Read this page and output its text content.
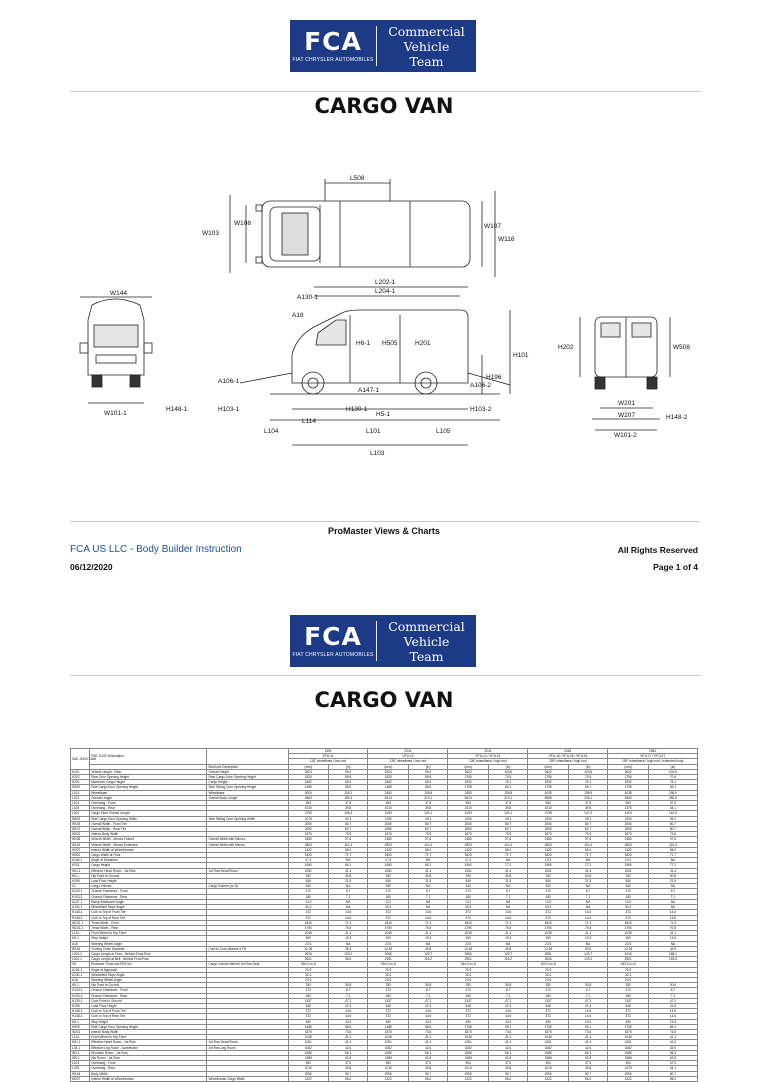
FCA
FIAT CHRYSLER AUTOMOBILES
Commercial
Vehicle
Team
CARGO VAN
L508
W108
W103
W107
W116
L202-1
L204-1
A130-1
A18
H6-1 H505	H201
H101
A106-1
A147-1
A106-2
H196
H148-1	H103-1	H130-1
H5-1
H103-2
L114
L104	L101	L105
L103
W144
W101-1
H202	W508
W201
W207
W101-2
H148-2
ProMaster Views & Charts
FCA US LLC - Body Builder Instruction	All Rights Reserved
06/12/2020	Page 1 of 4
FCA
FIAT CHRYSLER AUTOMOBILES
Commercial
Vehicle
Team
CARGO VAN
SAE J1100 Code	SAE J1100 Description		1391		2341		2241		2481		2581	
			VF1L11		VF1L12		VF1L13 / VF1L15		VF1L16 / VF1L26 / VF1L16		VF1L17 / VF1L27	
			118" wheelbase / low roof		136" wheelbase / low roof		136" wheelbase / high roof		159" wheelbase / high roof		159" wheelbase / high roof / extended body	
		Brochure Description	(mm)	(in)	(mm)	(in)	(mm)	(in)	(mm)	(in)	(mm)	(in)
H101	Vehicle Height - Rear	Overall Height	2524	99.4	2524	99.4	2632	103.6	2632	103.6	2632	103.6
H202	Rear Door Opening Height	Rear Cargo Door Opening Height	1520	59.8	1520	59.8	1790	70.5	1790	70.5	1790	70.5
H201	Maximum Cargo Height	Cargo Height	1662	65.4	1662	65.4	1932	76.1	1932	76.1	1932	76.1
H505	Side Cargo Door Opening Height	Side Sliding Door Opening Height	1485	58.5	1485	58.5	1755	69.1	1755	69.1	1755	69.1
L101	Wheelbase	Wheelbase	3000	118.1	3450	135.8	3450	135.8	4035	158.9	4035	158.9
L103	Overall Length	Overall Body Length	4963	195.4	5413	213.1	5413	213.1	5998	236.1	6363	250.5
L104	Overhang - Front		953	37.5	953	37.5	953	37.5	953	37.5	953	37.5
L105	Overhang - Rear		1010	39.8	1010	39.8	1010	39.8	1010	39.8	1375	54.1
L202	Cargo Floor Overall Length		2703	106.4	3153	124.1	3153	124.1	3738	147.2	4103	161.5
W502	Side Cargo Door Opening Width	Side Sliding Door Opening Width	1075	42.3	1250	49.2	1250	49.2	1250	49.2	1250	49.2
W103	Overall Width - Front Tire		2050	80.7	2050	80.7	2050	80.7	2050	80.7	2050	80.7
W107	Overall Width - Rear Tire		2050	80.7	2050	80.7	2050	80.7	2050	80.7	2050	80.7
W201	Interior Body Width		1870	73.6	1870	73.6	1870	73.6	1870	73.6	1870	73.6
W108	Vehicle Width - Mirrors Folded	Overall Width with Mirrors	2480	97.6	2480	97.6	2480	97.6	2480	97.6	2480	97.6
W116	Vehicle Width - Mirrors Extended	Overall Width with Mirrors	2803	110.4	2803	110.4	2803	110.4	2803	110.4	2803	110.4
W207	Interior Width at Wheelhouses		1422	56.0	1422	56.0	1422	56.0	1422	56.0	1422	56.0
W502	Cargo Width at Floor		1820	71.7	1820	71.7	1820	71.7	1820	71.7	1820	71.7
A106-1	Angle of Departure		17.4	NA	17.4	NA	17.4	NA	15.3	NA	13.2	NA
H201	Cargo Height		1680	66.1	1680	66.1	1960	77.2	1960	77.2	1960	77.2
H61-1	Effective Head Room - 1st Row	1st Row Head Room	1051	41.4	1051	41.4	1051	41.4	1051	41.4	1051	41.4
H5-1	Hip Point to Ground		782	30.8	782	30.8	782	30.8	782	30.8	782	30.8
H196	Load Floor Height		545	21.5	545	21.5	545	21.5	545	21.5	545	21.5
V1	Cargo Volume	Cargo Volume (cu ft)	260	NA	290	NA	344	NA	403	NA	463	NA
H103-1	Ground Clearance - Front		170	6.7	170	6.7	170	6.7	170	6.7	170	6.7
H103-2	Ground Clearance - Rear		180	7.1	180	7.1	180	7.1	180	7.1	180	7.1
A147-1	Ramp Breakover Angle		13.9	NA	12.2	NA	12.2	NA	10.5	NA	10.5	NA
A130-1	Windshield Slope Angle		30.3	NA	30.3	NA	30.3	NA	30.3	NA	30.3	NA
H148-1	Curb to Top of Front Tire		372	14.6	372	14.6	372	14.6	372	14.6	372	14.6
H148-2	Curb to Top of Rear Tire		372	14.6	372	14.6	372	14.6	372	14.6	372	14.6
W101-1	Tread Width - Front		1810	71.3	1810	71.3	1810	71.3	1810	71.3	1810	71.3
W101-2	Tread Width - Rear		1790	70.5	1790	70.5	1790	70.5	1790	70.5	1790	70.5
L114	Front Wheel to Hip Point		1045	41.1	1045	41.1	1045	41.1	1045	41.1	1045	41.1
H6-1	Step Height		490	19.3	490	19.3	490	19.3	490	19.3	490	19.3
A18	Steering Wheel Angle		23.5	NA	23.5	NA	23.5	NA	23.5	NA	23.5	NA
W144	Turning Circle Diameter	Curb to Curb (Meters & Ft)	11.06	36.3	12.45	40.8	12.45	40.8	13.26	43.5	13.26	43.5
L204-1	Cargo Length at Floor - Behind Front Row		2616	103.0	3066	120.7	3066	120.7	3651	143.7	4016	158.1
L202-1	Cargo Length at Belt - Behind Front Row		2501	98.5	2951	116.2	2951	116.2	3536	139.2	3901	153.6
V6	Enclosed Trunk and EPA Vol	Cargo Volume Behind 1st Row Seat	260.0 cu ft		290.0 cu ft		344.0 cu ft		403.0 cu ft		463.0 cu ft	
A106-1	Angle of Approach		23.9		23.9		23.9		23.9		23.9	
A130-1	Windshield Slope Angle		30.3		30.3		30.3		30.3		30.3	
A18	Steering Wheel Angle		23.5		23.5		23.5		23.5		23.5	
H5-1	Hip Point to Ground		782	30.8	782	30.8	782	30.8	782	30.8	782	30.8
H103-1	Ground Clearance - Front		170	6.7	170	6.7	170	6.7	170	6.7	170	6.7
H103-2	Ground Clearance - Rear		180	7.1	180	7.1	180	7.1	180	7.1	180	7.1
H130-1	Cowl Point to Ground		1197	47.1	1197	47.1	1197	47.1	1197	47.1	1197	47.1
H196	Load Floor Height		545	21.5	545	21.5	545	21.5	545	21.5	545	21.5
H148-1	Curb to Top of Front Tire		372	14.6	372	14.6	372	14.6	372	14.6	372	14.6
H148-2	Curb to Top of Rear Tire		372	14.6	372	14.6	372	14.6	372	14.6	372	14.6
H6-1	Step Height		490	19.3	490	19.3	490	19.3	490	19.3	490	19.3
H505	Side Cargo Door Opening Height		1485	58.5	1485	58.5	1755	69.1	1755	69.1	1755	69.1
W201	Interior Body Width		1870	73.6	1870	73.6	1870	73.6	1870	73.6	1870	73.6
L114	Front Wheel to Hip Point		1045	41.1	1045	41.1	1045	41.1	1045	41.1	1045	41.1
H61-1	Effective Head Room - 1st Row	1st Row Head Room	1051	41.4	1051	41.4	1051	41.4	1051	41.4	1051	41.4
L34-1	Effective Leg Room - Accelerator	1st Row Leg Room	1082	42.6	1082	42.6	1082	42.6	1082	42.6	1082	42.6
W3-1	Shoulder Room - 1st Row		1685	66.3	1685	66.3	1685	66.3	1685	66.3	1685	66.3
W5-1	Hip Room - 1st Row		1588	62.5	1588	62.5	1588	62.5	1588	62.5	1588	62.5
L104	Overhang - Front		953	37.5	953	37.5	953	37.5	953	37.5	953	37.5
L105	Overhang - Rear		1010	39.8	1010	39.8	1010	39.8	1010	39.8	1375	54.1
W144	Body Width		2050	80.7	2050	80.7	2050	80.7	2050	80.7	2050	80.7
W207	Interior Width at Wheelhouses	Wheelhouse Cargo Width	1422	56.0	1422	56.0	1422	56.0	1422	56.0	1422	56.0
